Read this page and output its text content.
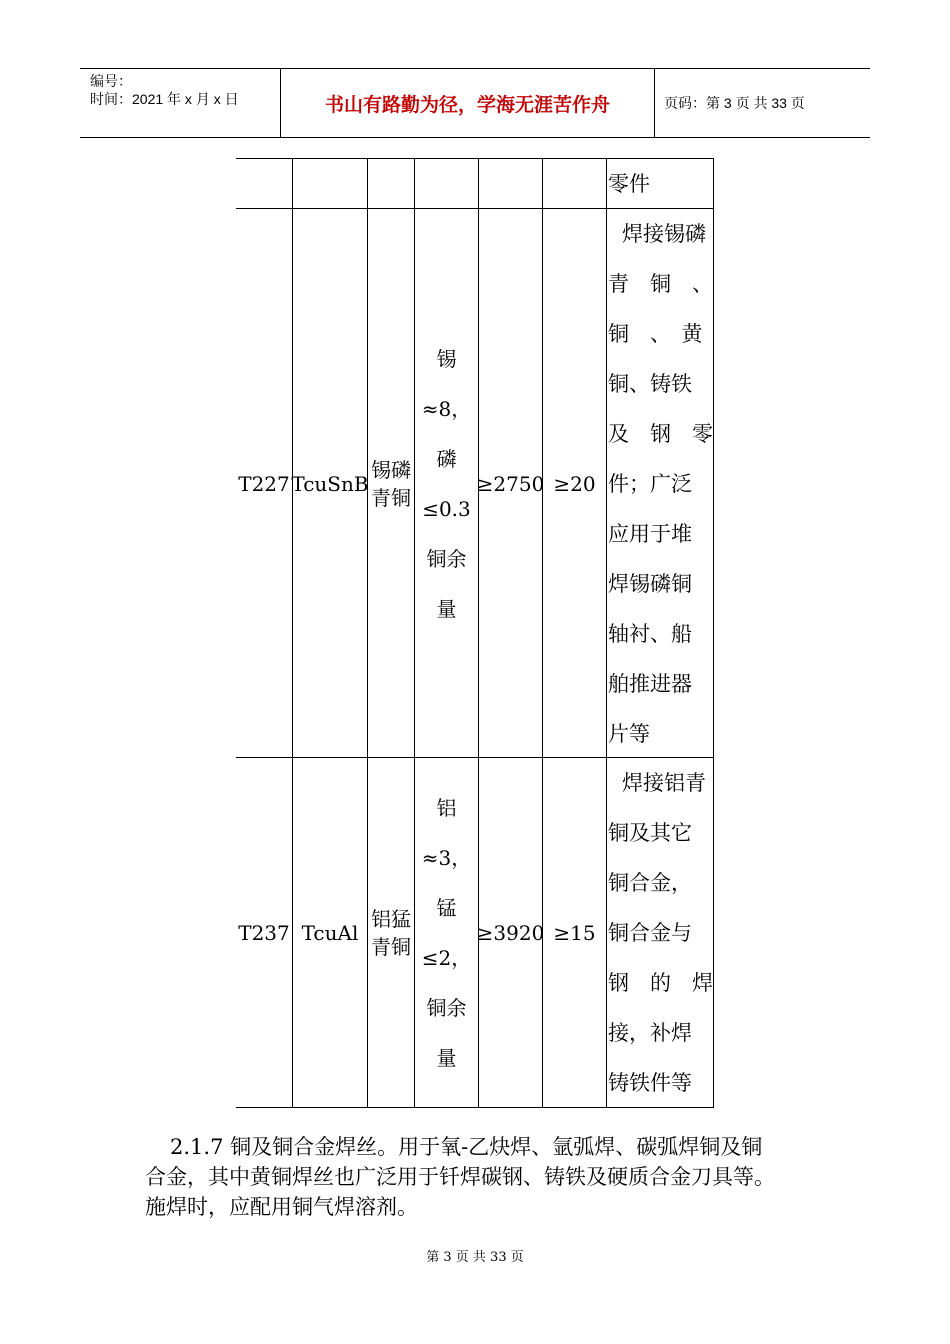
编号：
时间：2021 年 x 月 x 日	书山有路勤为径，学海无涯苦作舟	页码：第 3 页 共 33 页
零件
T227 TcuSnB
锡磷
青铜
锡
≈8，
磷
≤0.3
铜余
量
≥2750 ≥20
焊接锡磷
青　铜　、
铜　、　黄
铜、铸铁
及　钢　零
件；广泛
应用于堆
焊锡磷铜
轴衬、船
舶推进器
片等
T237 TcuAl
铝猛
青铜
铝
≈3，
锰
≤2，
铜余
量
≥3920 ≥15
焊接铝青
铜及其它
铜合金，
铜合金与
钢　的　焊
接，补焊
铸铁件等
2.1.7 铜及铜合金焊丝。用于氧-乙炔焊、氩弧焊、碳弧焊铜及铜
合金，其中黄铜焊丝也广泛用于钎焊碳钢、铸铁及硬质合金刀具等。
施焊时，应配用铜气焊溶剂。
第 3 页 共 33 页
